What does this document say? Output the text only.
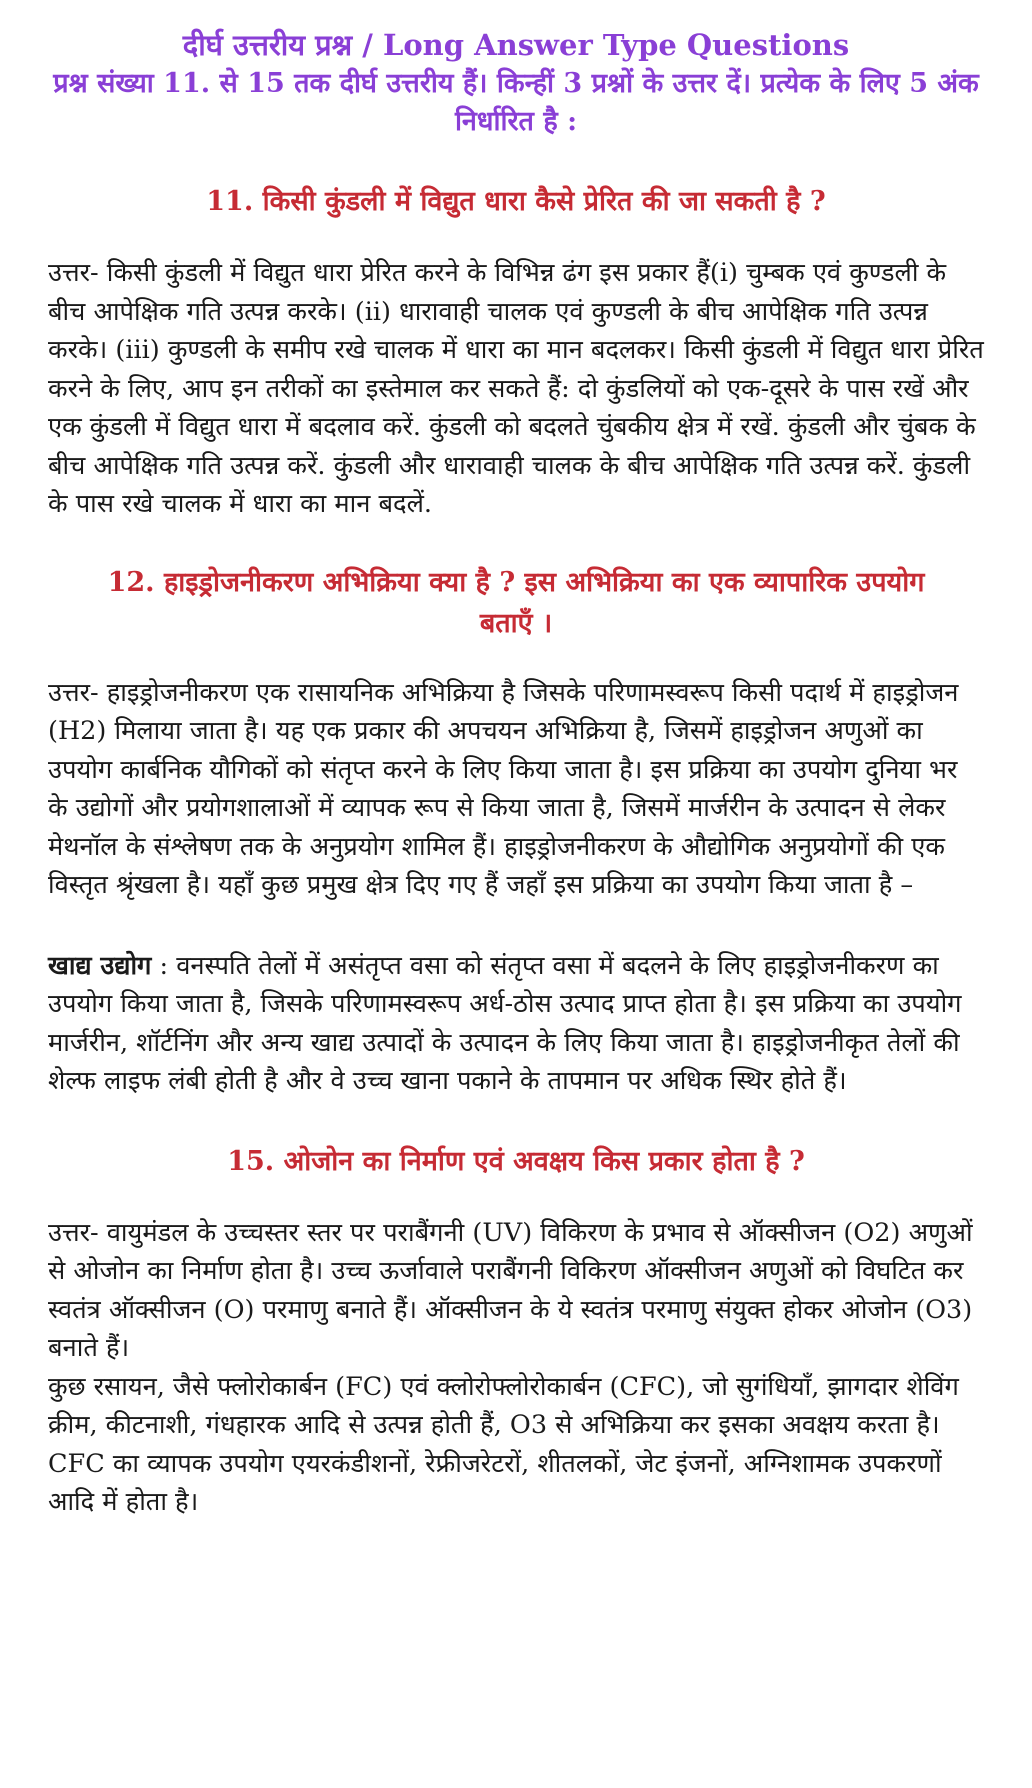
दीर्घ उत्तरीय प्रश्न / Long Answer Type Questions
प्रश्न संख्या 11. से 15 तक दीर्घ उत्तरीय हैं। किन्हीं 3 प्रश्नों के उत्तर दें। प्रत्येक के लिए 5 अंक निर्धारित है :
11. किसी कुंडली में विद्युत धारा कैसे प्रेरित की जा सकती है ?

उत्तर- किसी कुंडली में विद्युत धारा प्रेरित करने के विभिन्न ढंग इस प्रकार हैं(i) चुम्बक एवं कुण्डली के बीच आपेक्षिक गति उत्पन्न करके। (ii) धारावाही चालक एवं कुण्डली के बीच आपेक्षिक गति उत्पन्न करके। (iii) कुण्डली के समीप रखे चालक में धारा का मान बदलकर। किसी कुंडली में विद्युत धारा प्रेरित करने के लिए, आप इन तरीकों का इस्तेमाल कर सकते हैं: दो कुंडलियों को एक-दूसरे के पास रखें और एक कुंडली में विद्युत धारा में बदलाव करें. कुंडली को बदलते चुंबकीय क्षेत्र में रखें. कुंडली और चुंबक के बीच आपेक्षिक गति उत्पन्न करें. कुंडली और धारावाही चालक के बीच आपेक्षिक गति उत्पन्न करें. कुंडली के पास रखे चालक में धारा का मान बदलें.

12. हाइड्रोजनीकरण अभिक्रिया क्या है ? इस अभिक्रिया का एक व्यापारिक उपयोग बताएँ ।

उत्तर- हाइड्रोजनीकरण एक रासायनिक अभिक्रिया है जिसके परिणामस्वरूप किसी पदार्थ में हाइड्रोजन (H2) मिलाया जाता है। यह एक प्रकार की अपचयन अभिक्रिया है, जिसमें हाइड्रोजन अणुओं का उपयोग कार्बनिक यौगिकों को संतृप्त करने के लिए किया जाता है। इस प्रक्रिया का उपयोग दुनिया भर के उद्योगों और प्रयोगशालाओं में व्यापक रूप से किया जाता है, जिसमें मार्जरीन के उत्पादन से लेकर मेथनॉल के संश्लेषण तक के अनुप्रयोग शामिल हैं। हाइड्रोजनीकरण के औद्योगिक अनुप्रयोगों की एक विस्तृत श्रृंखला है। यहाँ कुछ प्रमुख क्षेत्र दिए गए हैं जहाँ इस प्रक्रिया का उपयोग किया जाता है –

खाद्य उद्योग : वनस्पति तेलों में असंतृप्त वसा को संतृप्त वसा में बदलने के लिए हाइड्रोजनीकरण का उपयोग किया जाता है, जिसके परिणामस्वरूप अर्ध-ठोस उत्पाद प्राप्त होता है। इस प्रक्रिया का उपयोग मार्जरीन, शॉर्टनिंग और अन्य खाद्य उत्पादों के उत्पादन के लिए किया जाता है। हाइड्रोजनीकृत तेलों की शेल्फ लाइफ लंबी होती है और वे उच्च खाना पकाने के तापमान पर अधिक स्थिर होते हैं।

15. ओजोन का निर्माण एवं अवक्षय किस प्रकार होता है ?

उत्तर- वायुमंडल के उच्चस्तर स्तर पर पराबैंगनी (UV) विकिरण के प्रभाव से ऑक्सीजन (O2) अणुओं से ओजोन का निर्माण होता है। उच्च ऊर्जावाले पराबैंगनी विकिरण ऑक्सीजन अणुओं को विघटित कर स्वतंत्र ऑक्सीजन (O) परमाणु बनाते हैं। ऑक्सीजन के ये स्वतंत्र परमाणु संयुक्त होकर ओजोन (O3) बनाते हैं।

कुछ रसायन, जैसे फ्लोरोकार्बन (FC) एवं क्लोरोफ्लोरोकार्बन (CFC), जो सुगंधियाँ, झागदार शेविंग क्रीम, कीटनाशी, गंधहारक आदि से उत्पन्न होती हैं, O3 से अभिक्रिया कर इसका अवक्षय करता है। CFC का व्यापक उपयोग एयरकंडीशनों, रेफ्रीजरेटरों, शीतलकों, जेट इंजनों, अग्निशामक उपकरणों आदि में होता है।
